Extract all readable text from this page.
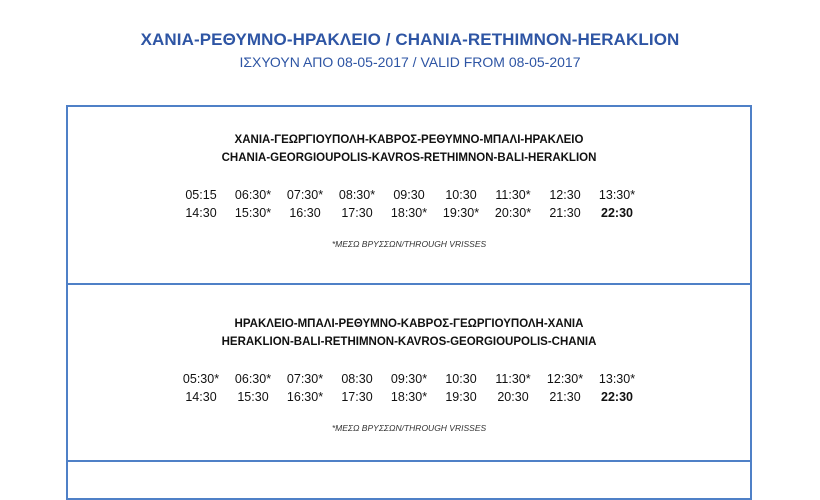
ΧΑΝΙΑ-ΡΕΘΥΜΝΟ-ΗΡΑΚΛΕΙΟ / CHANIA-RETHIMNON-HERAKLION
ΙΣΧΥΟΥΝ ΑΠΟ 08-05-2017 / VALID FROM 08-05-2017
ΧΑΝΙΑ-ΓΕΩΡΓΙΟΥΠΟΛΗ-ΚΑΒΡΟΣ-ΡΕΘΥΜΝΟ-ΜΠΑΛΙ-ΗΡΑΚΛΕΙΟ
CHANIA-GEORGIOUPOLIS-KAVROS-RETHIMNON-BALI-HERAKLION
05:15	06:30*	07:30*	08:30*	09:30	10:30	11:30*	12:30	13:30*
14:30	15:30*	16:30	17:30	18:30*	19:30*	20:30*	21:30	22:30
*ΜΕΣΩ ΒΡΥΣΣΩΝ/THROUGH VRISSES
ΗΡΑΚΛΕΙΟ-ΜΠΑΛΙ-ΡΕΘΥΜΝΟ-ΚΑΒΡΟΣ-ΓΕΩΡΓΙΟΥΠΟΛΗ-ΧΑΝΙΑ
HERAKLION-BALI-RETHIMNON-KAVROS-GEORGIOUPOLIS-CHANIA
05:30*	06:30*	07:30*	08:30	09:30*	10:30	11:30*	12:30*	13:30*
14:30	15:30	16:30*	17:30	18:30*	19:30	20:30	21:30	22:30
*ΜΕΣΩ ΒΡΥΣΣΩΝ/THROUGH VRISSES
